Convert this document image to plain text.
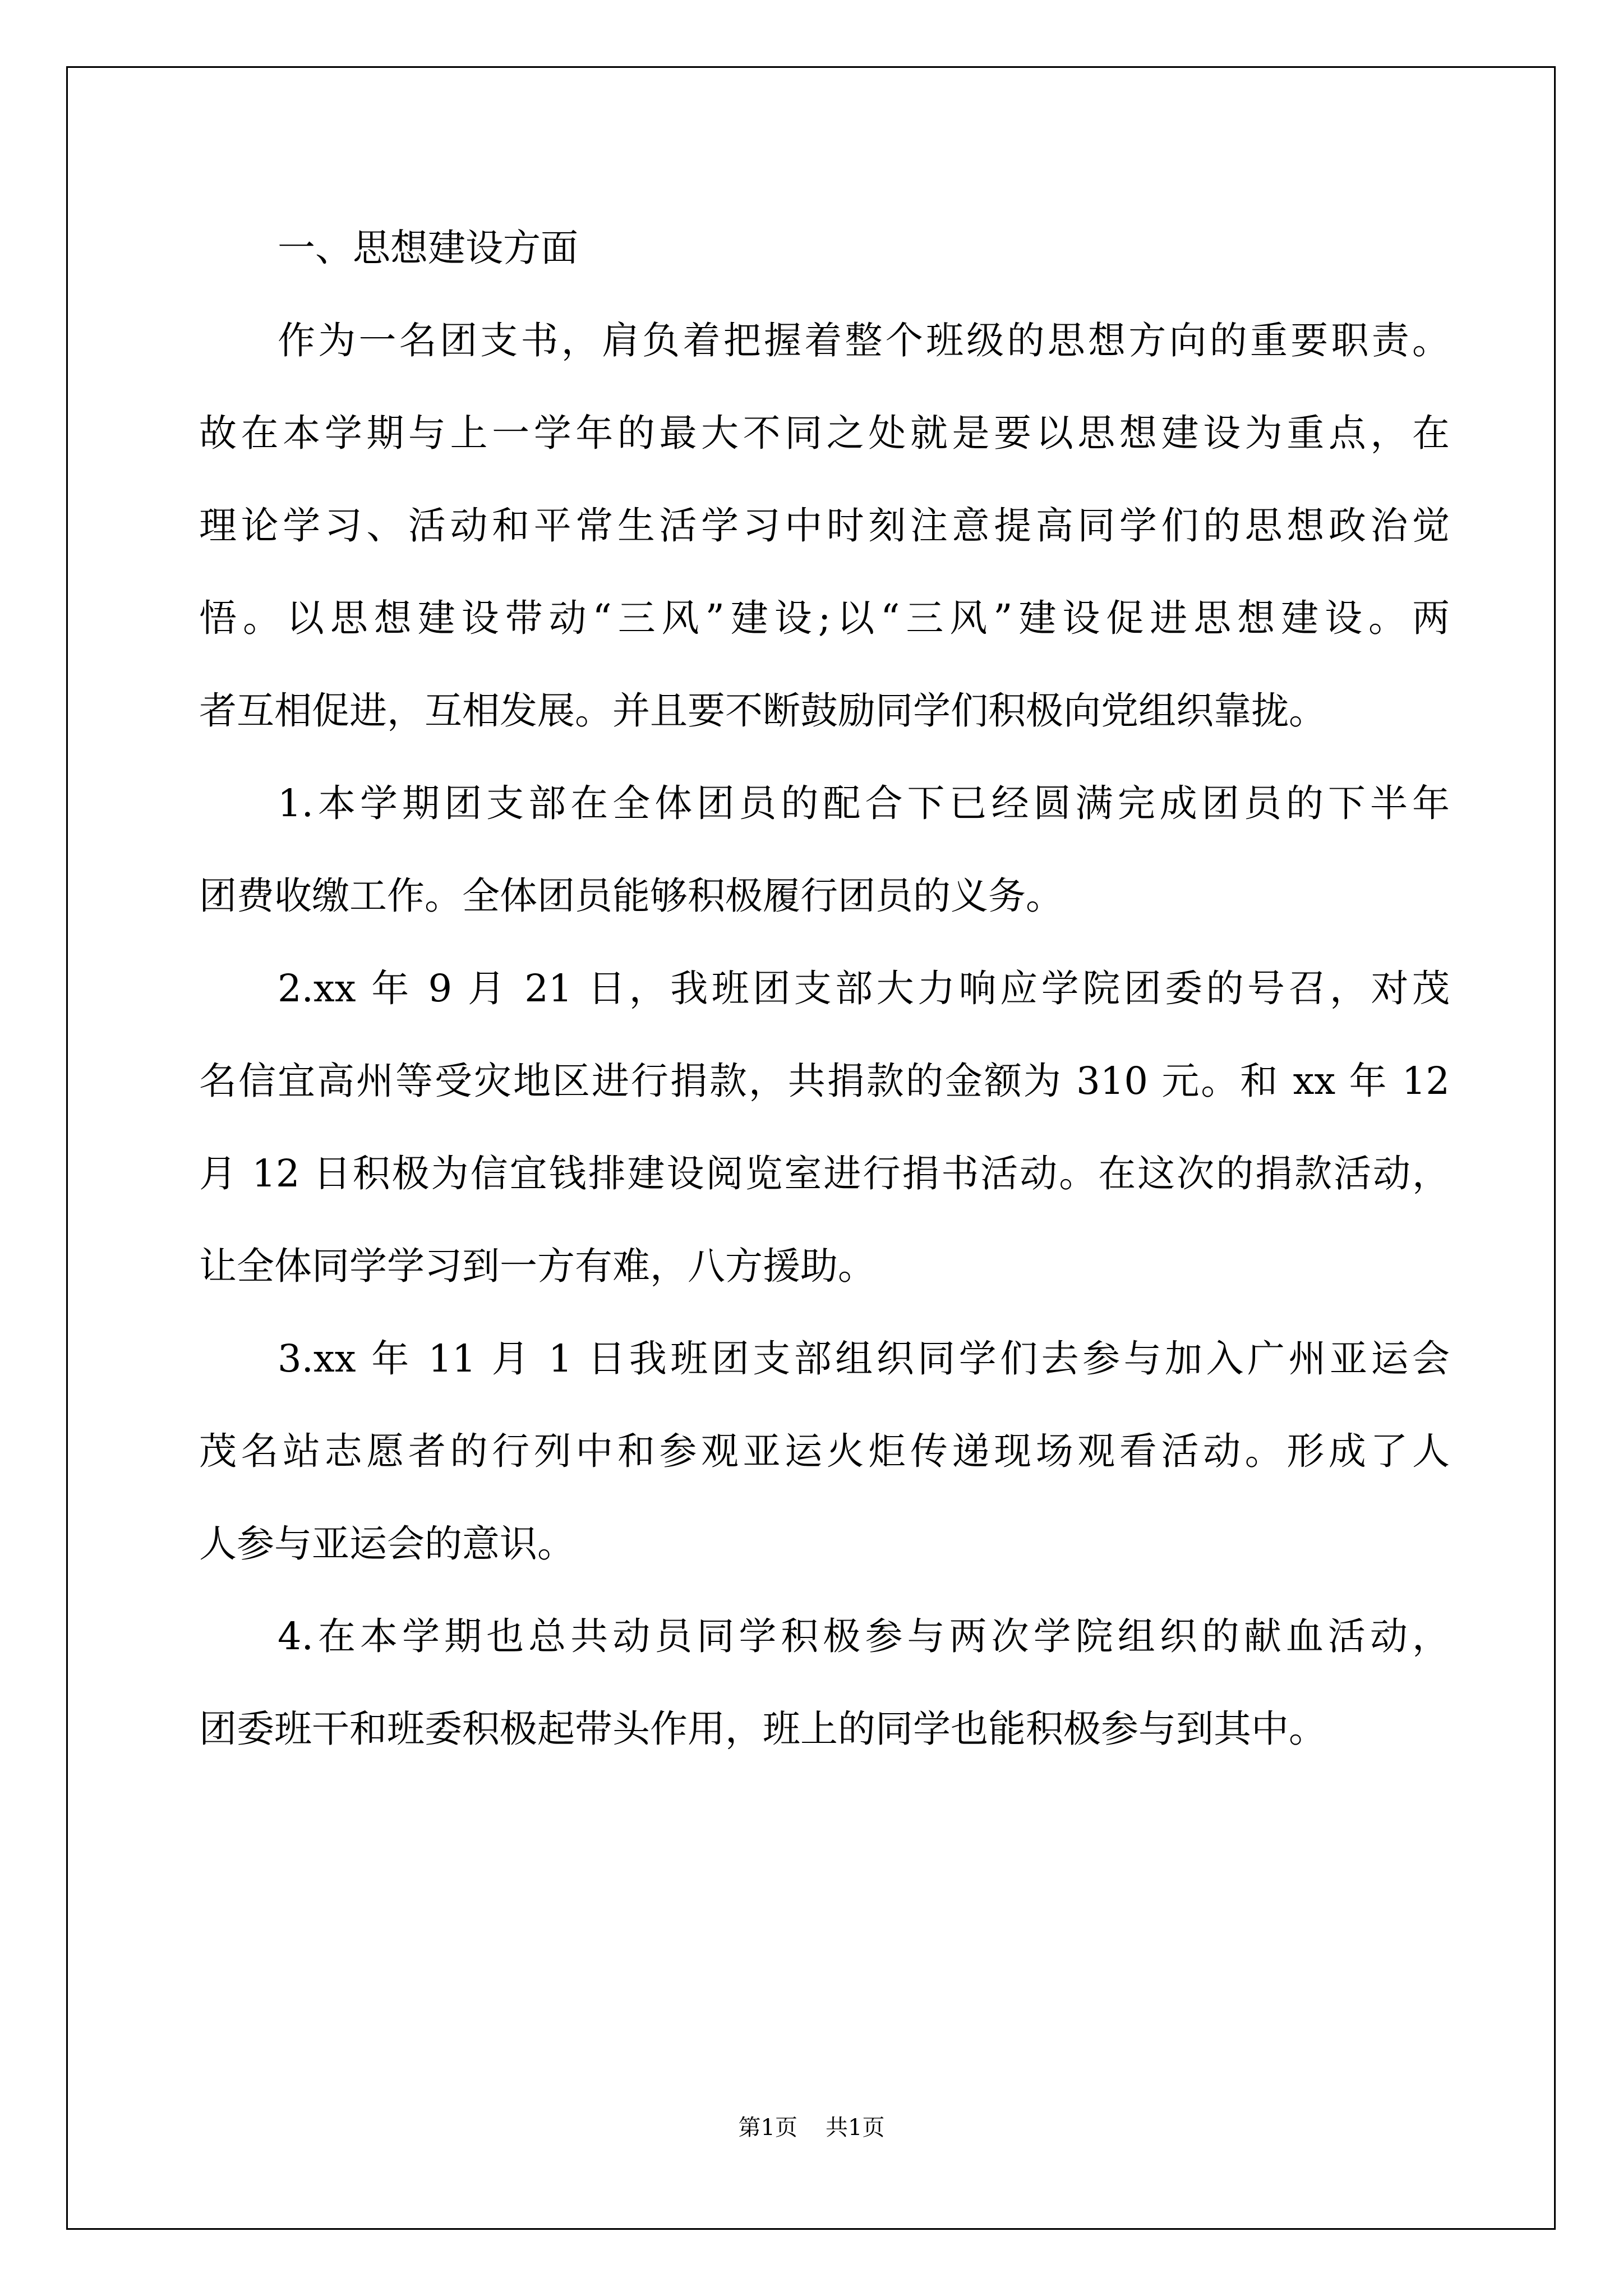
一、思想建设方面
作为一名团支书，肩负着把握着整个班级的思想方向的重要职责。
故在本学期与上一学年的最大不同之处就是要以思想建设为重点，在
理论学习、活动和平常生活学习中时刻注意提高同学们的思想政治觉
悟。以思想建设带动“三风”建设;以“三风”建设促进思想建设。两
者互相促进，互相发展。并且要不断鼓励同学们积极向党组织靠拢。
1.本学期团支部在全体团员的配合下已经圆满完成团员的下半年
团费收缴工作。全体团员能够积极履行团员的义务。
2.xx 年 9 月 21 日，我班团支部大力响应学院团委的号召，对茂
名信宜高州等受灾地区进行捐款，共捐款的金额为 310 元。和 xx 年 12
月 12 日积极为信宜钱排建设阅览室进行捐书活动。在这次的捐款活动，
让全体同学学习到一方有难，八方援助。
3.xx 年 11 月 1 日我班团支部组织同学们去参与加入广州亚运会
茂名站志愿者的行列中和参观亚运火炬传递现场观看活动。形成了人
人参与亚运会的意识。
4.在本学期也总共动员同学积极参与两次学院组织的献血活动，
团委班干和班委积极起带头作用，班上的同学也能积极参与到其中。
第1页 共1页
